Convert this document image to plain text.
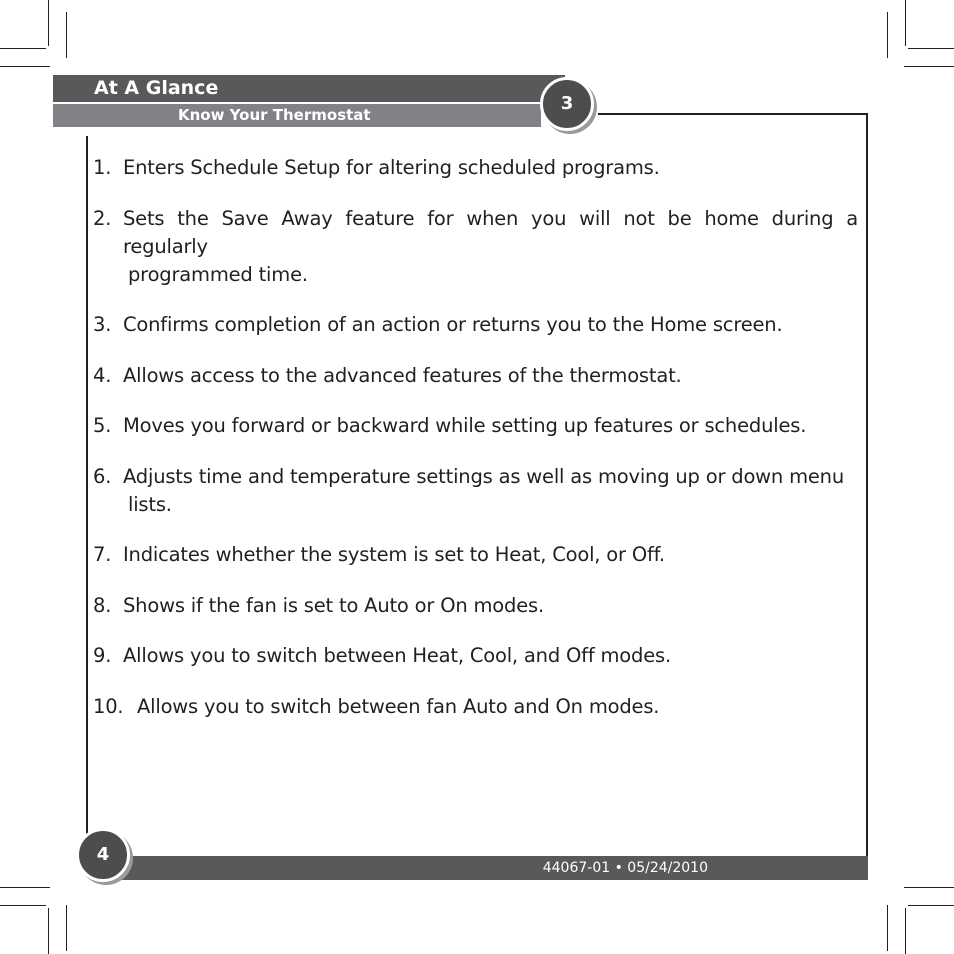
At A Glance
Know Your Thermostat
3
1. Enters Schedule Setup for altering scheduled programs.
2. Sets the Save Away feature for when you will not be home during a regularly
programmed time.
3. Confirms completion of an action or returns you to the Home screen.
4. Allows access to the advanced features of the thermostat.
5. Moves you forward or backward while setting up features or schedules.
6. Adjusts time and temperature settings as well as moving up or down menu
lists.
7. Indicates whether the system is set to Heat, Cool, or Off.
8. Shows if the fan is set to Auto or On modes.
9. Allows you to switch between Heat, Cool, and Off modes.
10. Allows you to switch between fan Auto and On modes.
44067-01 • 05/24/2010
4
